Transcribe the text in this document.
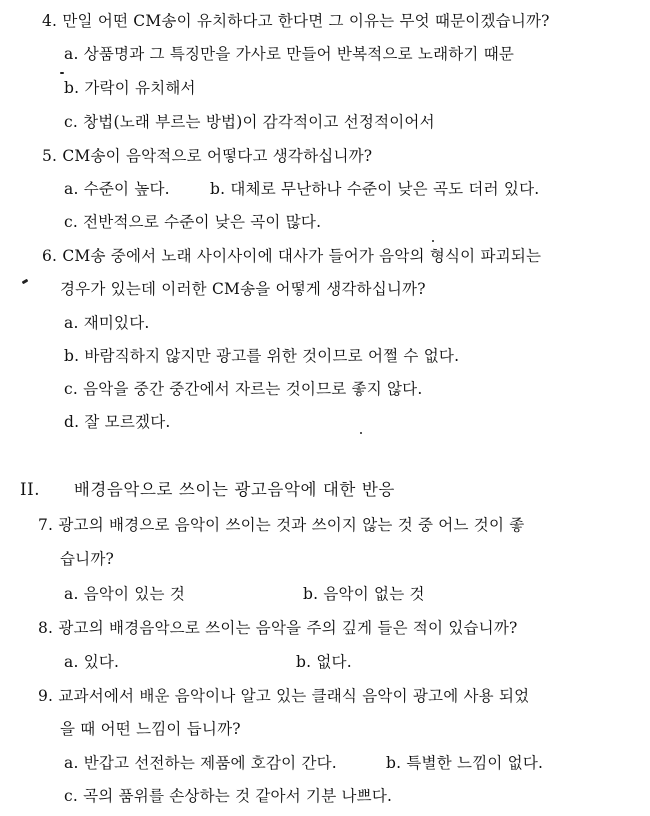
4. 만일 어떤 CM송이 유치하다고 한다면 그 이유는 무엇 때문이겠습니까?
a. 상품명과 그 특징만을 가사로 만들어 반복적으로 노래하기 때문
b. 가락이 유치해서
c. 창법(노래 부르는 방법)이 감각적이고 선정적이어서
5. CM송이 음악적으로 어떻다고 생각하십니까?
a. 수준이 높다.	b. 대체로 무난하나 수준이 낮은 곡도 더러 있다.
c. 전반적으로 수준이 낮은 곡이 많다.
6. CM송 중에서 노래 사이사이에 대사가 들어가 음악의 형식이 파괴되는
경우가 있는데 이러한 CM송을 어떻게 생각하십니까?
a. 재미있다.
b. 바람직하지 않지만 광고를 위한 것이므로 어쩔 수 없다.
c. 음악을 중간 중간에서 자르는 것이므로 좋지 않다.
d. 잘 모르겠다.
II. 배경음악으로 쓰이는 광고음악에 대한 반응
7. 광고의 배경으로 음악이 쓰이는 것과 쓰이지 않는 것 중 어느 것이 좋
습니까?
a. 음악이 있는 것	b. 음악이 없는 것
8. 광고의 배경음악으로 쓰이는 음악을 주의 깊게 들은 적이 있습니까?
a. 있다.	b. 없다.
9. 교과서에서 배운 음악이나 알고 있는 클래식 음악이 광고에 사용 되었
을 때 어떤 느낌이 듭니까?
a. 반갑고 선전하는 제품에 호감이 간다.	b. 특별한 느낌이 없다.
c. 곡의 품위를 손상하는 것 같아서 기분 나쁘다.
